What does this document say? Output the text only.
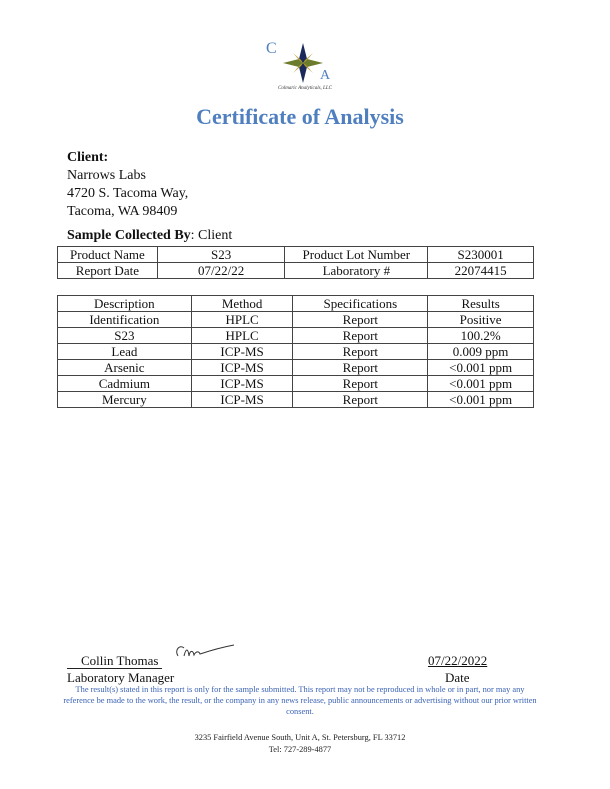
C
A
Colmaric Analyticals, LLC
Certificate of Analysis
Client:
Narrows Labs
4720 S. Tacoma Way,
Tacoma, WA 98409
Sample Collected By: Client
Product Name	S23	Product Lot Number	S230001
Report Date	07/22/22	Laboratory #	22074415
Description	Method	Specifications	Results
Identification	HPLC	Report	Positive
S23	HPLC	Report	100.2%
Lead	ICP-MS	Report	0.009 ppm
Arsenic	ICP-MS	Report	<0.001 ppm
Cadmium	ICP-MS	Report	<0.001 ppm
Mercury	ICP-MS	Report	<0.001 ppm
Collin Thomas
Laboratory Manager
07/22/2022
Date
The result(s) stated in this report is only for the sample submitted. This report may not be reproduced in whole or in part, nor may any reference be made to the work, the result, or the company in any news release, public announcements or advertising without our prior written consent.
3235 Fairfield Avenue South, Unit A, St. Petersburg, FL 33712
Tel: 727-289-4877
